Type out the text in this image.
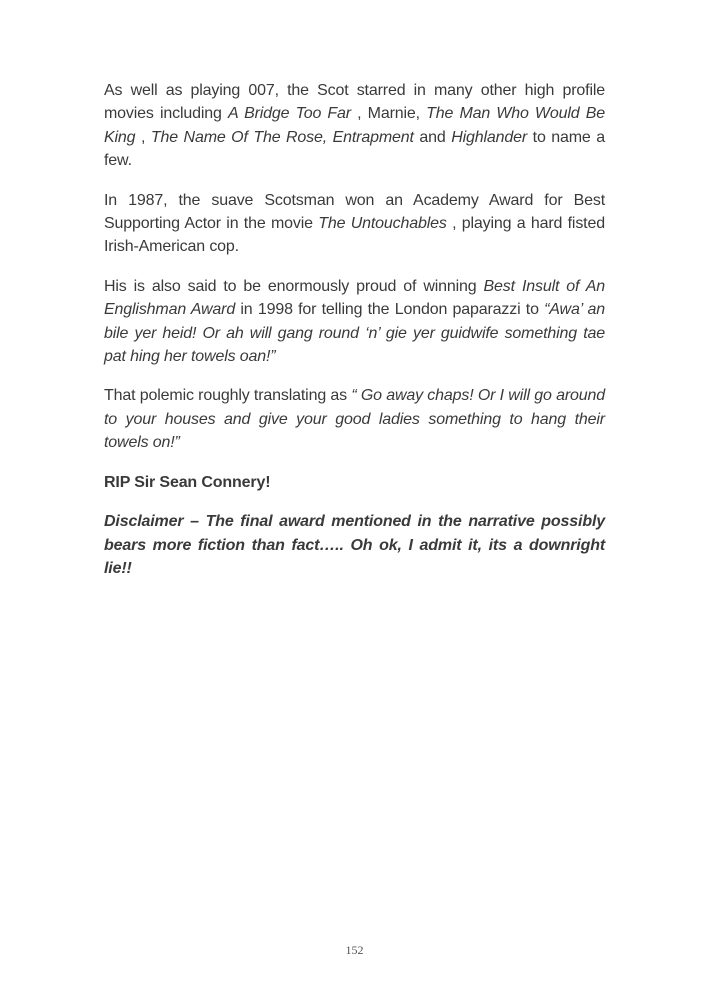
As well as playing 007, the Scot starred in many other high profile movies including A Bridge Too Far , Marnie, The Man Who Would Be King , The Name Of The Rose, Entrapment and Highlander to name a few.

In 1987, the suave Scotsman won an Academy Award for Best Supporting Actor in the movie The Untouchables , playing a hard fisted Irish-American cop.

His is also said to be enormously proud of winning Best Insult of An Englishman Award in 1998 for telling the London paparazzi to “Awa’ an bile yer heid! Or ah will gang round ‘n’ gie yer guidwife something tae pat hing her towels oan!”

That polemic roughly translating as “ Go away chaps! Or I will go around to your houses and give your good ladies something to hang their towels on!”

RIP Sir Sean Connery!

Disclaimer – The final award mentioned in the narrative possibly bears more fiction than fact….. Oh ok, I admit it, its a downright lie!!

152
